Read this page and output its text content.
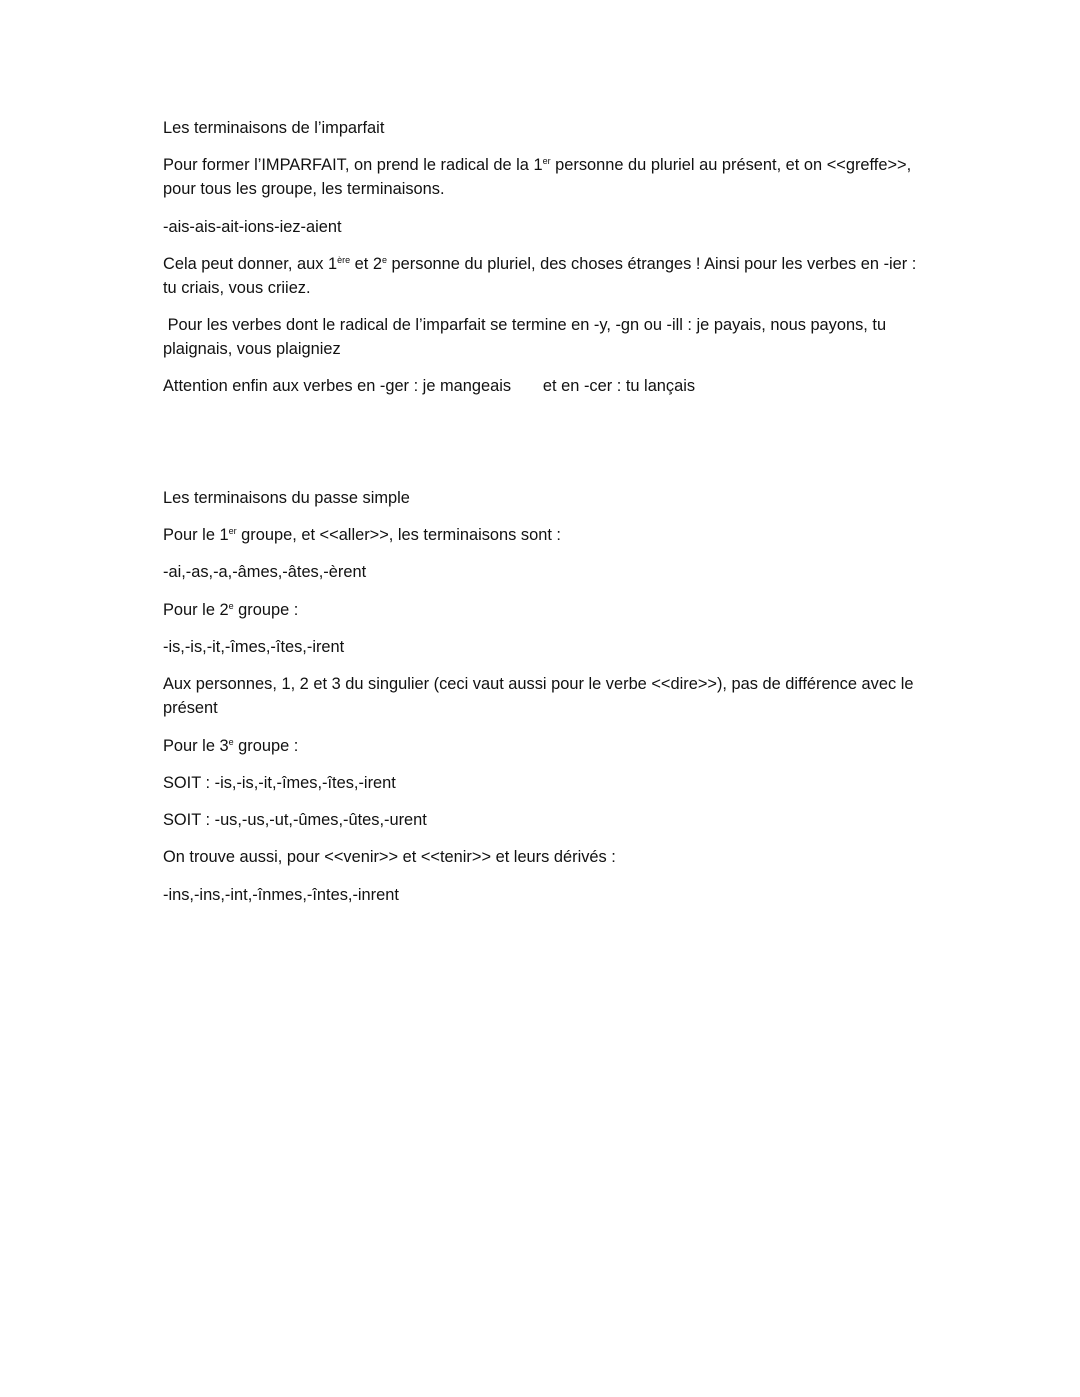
Les terminaisons de l’imparfait

Pour former l’IMPARFAIT, on prend le radical de la 1er personne du pluriel au présent, et on <<greffe>>, pour tous les groupe, les terminaisons.

-ais-ais-ait-ions-iez-aient

Cela peut donner, aux 1ère et 2e personne du pluriel, des choses étranges ! Ainsi pour les verbes en -ier : tu criais, vous criiez.

Pour les verbes dont le radical de l’imparfait se termine en -y, -gn ou -ill : je payais, nous payons, tu plaignais, vous plaigniez

Attention enfin aux verbes en -ger : je mangeais       et en -cer : tu lançais

Les terminaisons du passe simple

Pour le 1er groupe, et <<aller>>, les terminaisons sont :

-ai,-as,-a,-âmes,-âtes,-èrent

Pour le 2e groupe :

-is,-is,-it,-îmes,-îtes,-irent

Aux personnes, 1, 2 et 3 du singulier (ceci vaut aussi pour le verbe <<dire>>), pas de différence avec le présent

Pour le 3e groupe :

SOIT : -is,-is,-it,-îmes,-îtes,-irent

SOIT : -us,-us,-ut,-ûmes,-ûtes,-urent

On trouve aussi, pour <<venir>> et <<tenir>> et leurs dérivés :

-ins,-ins,-int,-înmes,-întes,-inrent
